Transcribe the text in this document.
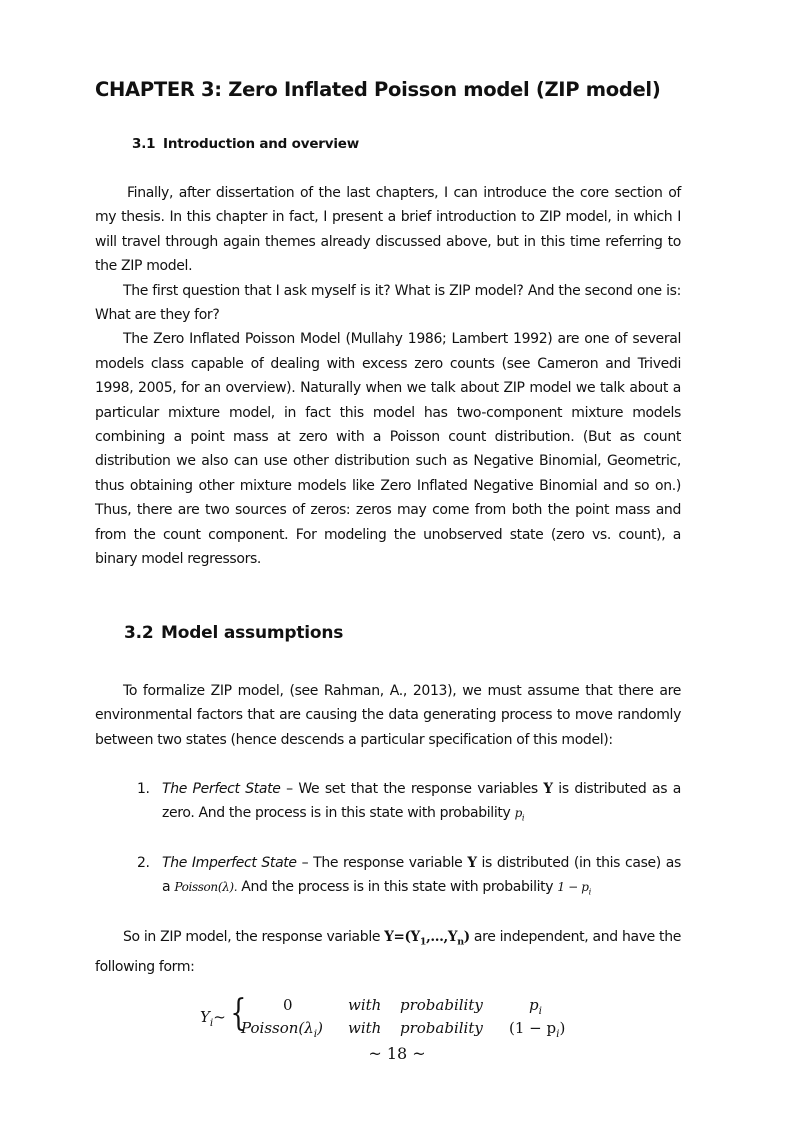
CHAPTER 3: Zero Inflated Poisson model (ZIP model)
3.1 Introduction and overview

Finally, after dissertation of the last chapters, I can introduce the core section of my thesis. In this chapter in fact, I present a brief introduction to ZIP model, in which I will travel through again themes already discussed above, but in this time referring to the ZIP model.

The first question that I ask myself is it? What is ZIP model? And the second one is: What are they for?

The Zero Inflated Poisson Model (Mullahy 1986; Lambert 1992) are one of several models class capable of dealing with excess zero counts (see Cameron and Trivedi 1998, 2005, for an overview). Naturally when we talk about ZIP model we talk about a particular mixture model, in fact this model has two-component mixture models combining a point mass at zero with a Poisson count distribution. (But as count distribution we also can use other distribution such as Negative Binomial, Geometric, thus obtaining other mixture models like Zero Inflated Negative Binomial and so on.) Thus, there are two sources of zeros: zeros may come from both the point mass and from the count component. For modeling the unobserved state (zero vs. count), a binary model regressors.

3.2 Model assumptions

To formalize ZIP model, (see Rahman, A., 2013), we must assume that there are environmental factors that are causing the data generating process to move randomly between two states (hence descends a particular specification of this model):

1. The Perfect State – We set that the response variables Y is distributed as a zero. And the process is in this state with probability $p_i$
2. The Imperfect State – The response variable Y is distributed (in this case) as a Poisson(λ). And the process is in this state with probability $1 - p_i$

So in ZIP model, the response variable $Y=(Y_1,\dots,Y_n)$ are independent, and have the following form:

$Y_i\sim$ { 0	with probability	$p_i$
$Poisson(\lambda_i)$ with probability $(1 - p_i)$
~ 18 ~
